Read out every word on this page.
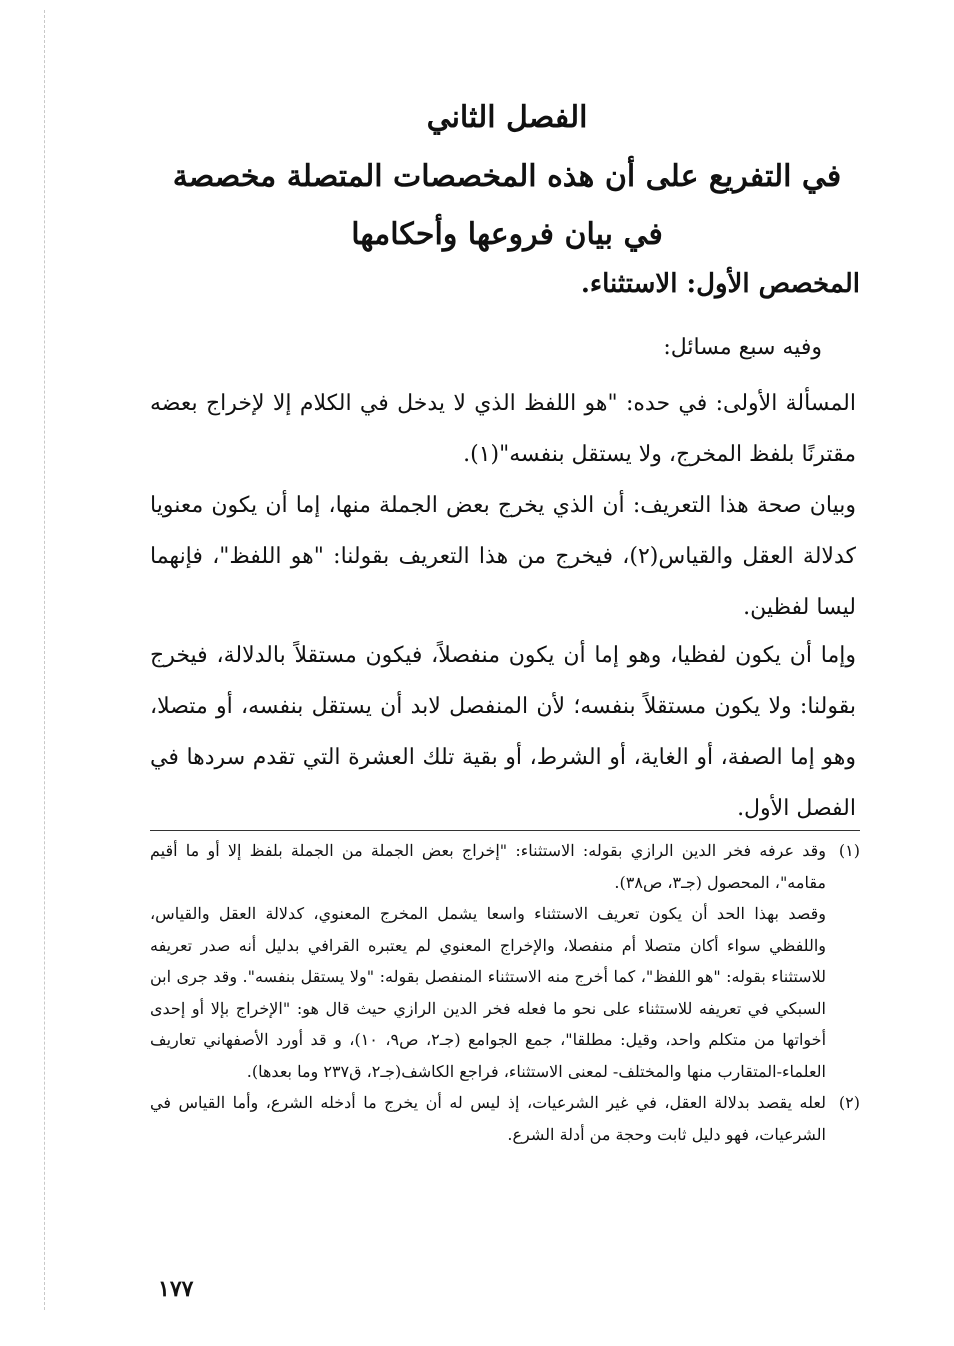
الفصل الثاني
في التفريع على أن هذه المخصصات المتصلة مخصصة
في بيان فروعها وأحكامها
المخصص الأول: الاستثناء.
وفيه سبع مسائل:
المسألة الأولى: في حده: "هو اللفظ الذي لا يدخل في الكلام إلا لإخراج بعضه مقترنًا بلفظ المخرج، ولا يستقل بنفسه"(١).
وبيان صحة هذا التعريف: أن الذي يخرج بعض الجملة منها، إما أن يكون معنويا كدلالة العقل والقياس(٢)، فيخرج من هذا التعريف بقولنا: "هو اللفظ"، فإنهما ليسا لفظين.
وإما أن يكون لفظيا، وهو إما أن يكون منفصلاً، فيكون مستقلاً بالدلالة، فيخرج بقولنا: ولا يكون مستقلاً بنفسه؛ لأن المنفصل لابد أن يستقل بنفسه، أو متصلا، وهو إما الصفة، أو الغاية، أو الشرط، أو بقية تلك العشرة التي تقدم سردها في الفصل الأول.
(١)
وقد عرفه فخر الدين الرازي بقوله: الاستثناء: "إخراج بعض الجملة من الجملة بلفظ إلا أو ما أقيم مقامه"، المحصول (جـ٣، ص٣٨).
وقصد بهذا الحد أن يكون تعريف الاستثناء واسعا يشمل المخرج المعنوي، كدلالة العقل والقياس، واللفظي سواء أكان متصلا أم منفصلا، والإخراج المعنوي لم يعتبره القرافي بدليل أنه صدر تعريفه للاستثناء بقوله: "هو اللفظ"، كما أخرج منه الاستثناء المنفصل بقوله: "ولا يستقل بنفسه". وقد جرى ابن السبكي في تعريفه للاستثناء على نحو ما فعله فخر الدين الرازي حيث قال هو: "الإخراج بإلا أو إحدى أخواتها من متكلم واحد، وقيل: مطلقا"، جمع الجوامع (جـ٢، ص٩، ١٠)، و قد أورد الأصفهاني تعاريف العلماء-المتقارب منها والمختلف- لمعنى الاستثناء، فراجع الكاشف(جـ٢، ق٢٣٧ وما بعدها).
(٢)
لعله يقصد بدلالة العقل، في غير الشرعيات، إذ ليس له أن يخرج ما أدخله الشرع، وأما القياس في الشرعيات، فهو دليل ثابت وحجة من أدلة الشرع.
١٧٧
